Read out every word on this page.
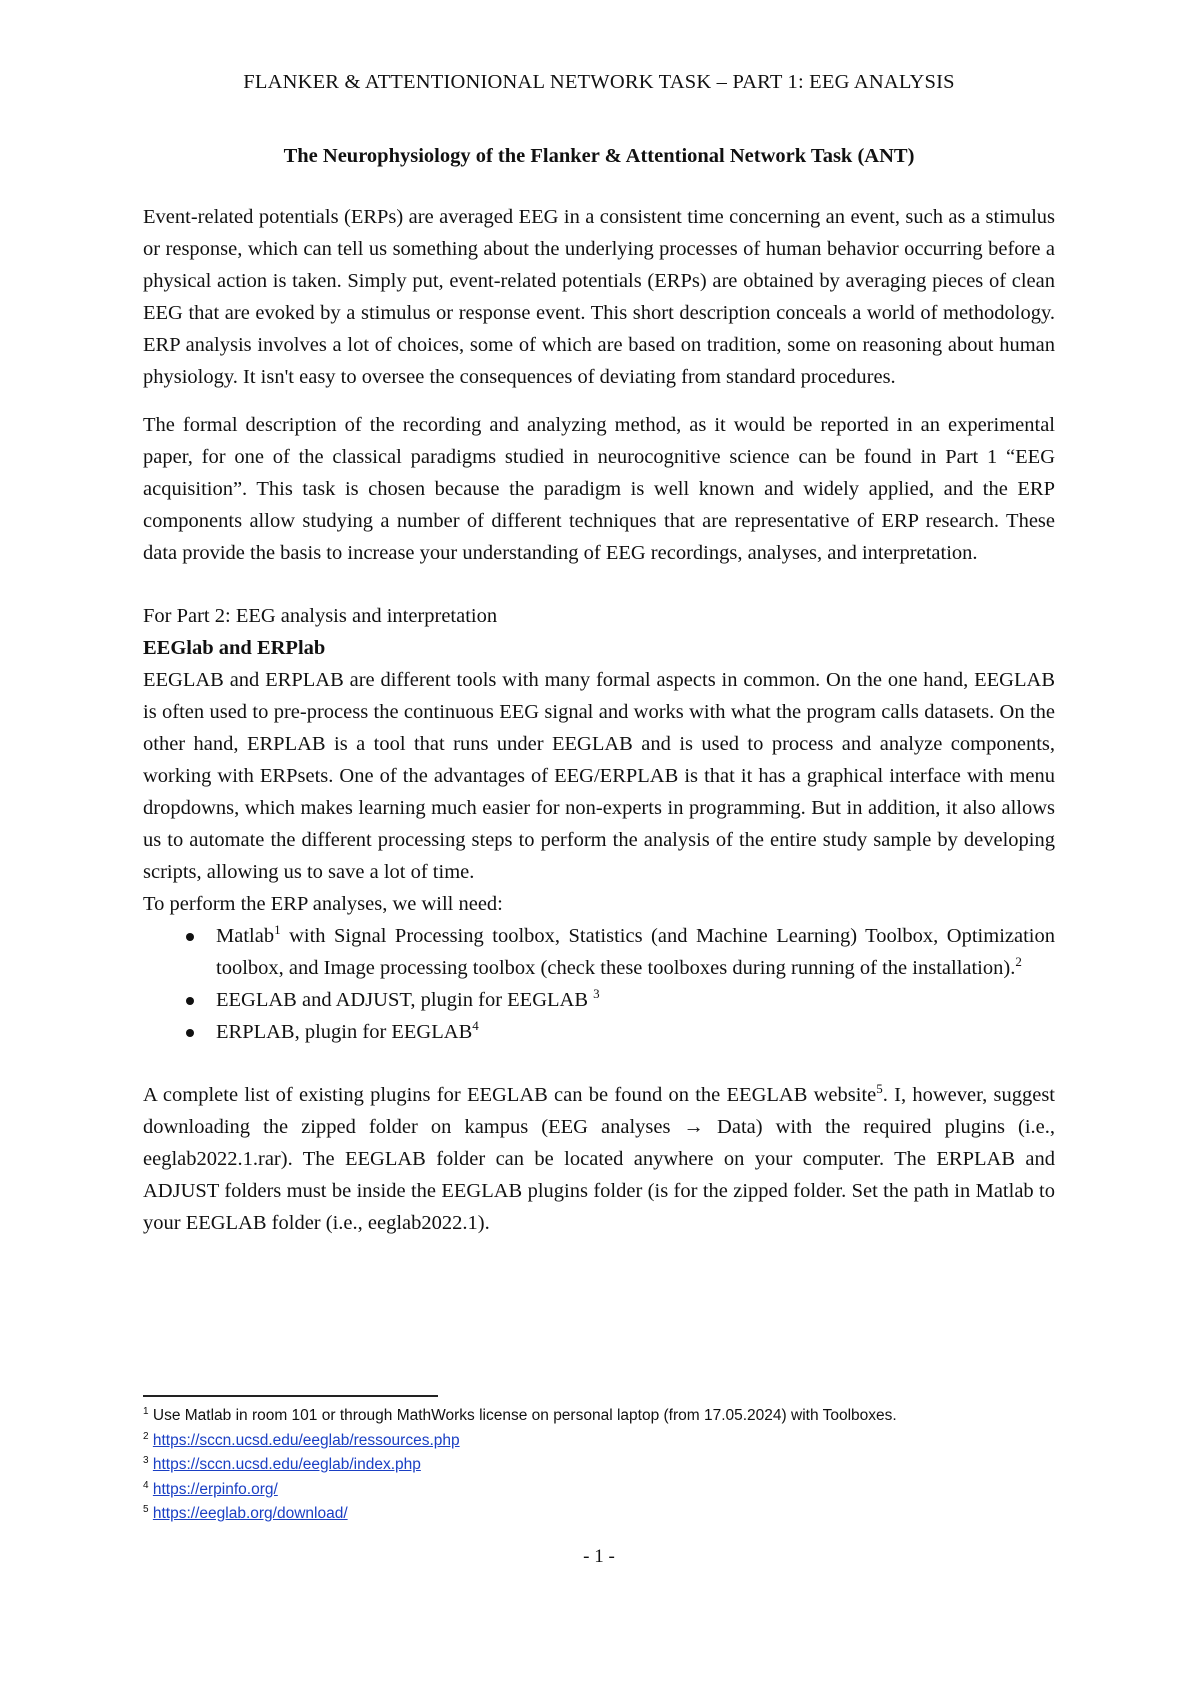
FLANKER & ATTENTIONIONAL NETWORK TASK – PART 1: EEG ANALYSIS
The Neurophysiology of the Flanker & Attentional Network Task (ANT)

Event-related potentials (ERPs) are averaged EEG in a consistent time concerning an event, such as a stimulus or response, which can tell us something about the underlying processes of human behavior occurring before a physical action is taken. Simply put, event-related potentials (ERPs) are obtained by averaging pieces of clean EEG that are evoked by a stimulus or response event. This short description conceals a world of methodology. ERP analysis involves a lot of choices, some of which are based on tradition, some on reasoning about human physiology. It isn't easy to oversee the consequences of deviating from standard procedures.

The formal description of the recording and analyzing method, as it would be reported in an experimental paper, for one of the classical paradigms studied in neurocognitive science can be found in Part 1 “EEG acquisition”. This task is chosen because the paradigm is well known and widely applied, and the ERP components allow studying a number of different techniques that are representative of ERP research. These data provide the basis to increase your understanding of EEG recordings, analyses, and interpretation.

For Part 2: EEG analysis and interpretation

EEGlab and ERPlab

EEGLAB and ERPLAB are different tools with many formal aspects in common. On the one hand, EEGLAB is often used to pre-process the continuous EEG signal and works with what the program calls datasets. On the other hand, ERPLAB is a tool that runs under EEGLAB and is used to process and analyze components, working with ERPsets. One of the advantages of EEG/ERPLAB is that it has a graphical interface with menu dropdowns, which makes learning much easier for non-experts in programming. But in addition, it also allows us to automate the different processing steps to perform the analysis of the entire study sample by developing scripts, allowing us to save a lot of time.

To perform the ERP analyses, we will need:

Matlab$^1$ with Signal Processing toolbox, Statistics (and Machine Learning) Toolbox, Optimization toolbox, and Image processing toolbox (check these toolboxes during running of the installation).$^2$
EEGLAB and ADJUST, plugin for EEGLAB $^3$
ERPLAB, plugin for EEGLAB$^4$

A complete list of existing plugins for EEGLAB can be found on the EEGLAB website$^5$. I, however, suggest downloading the zipped folder on kampus (EEG analyses → Data) with the required plugins (i.e., eeglab2022.1.rar). The EEGLAB folder can be located anywhere on your computer. The ERPLAB and ADJUST folders must be inside the EEGLAB plugins folder (is for the zipped folder. Set the path in Matlab to your EEGLAB folder (i.e., eeglab2022.1).

$^1$ Use Matlab in room 101 or through MathWorks license on personal laptop (from 17.05.2024) with Toolboxes.
$^2$ https://sccn.ucsd.edu/eeglab/ressources.php
$^3$ https://sccn.ucsd.edu/eeglab/index.php
$^4$ https://erpinfo.org/
$^5$ https://eeglab.org/download/
- 1 -
